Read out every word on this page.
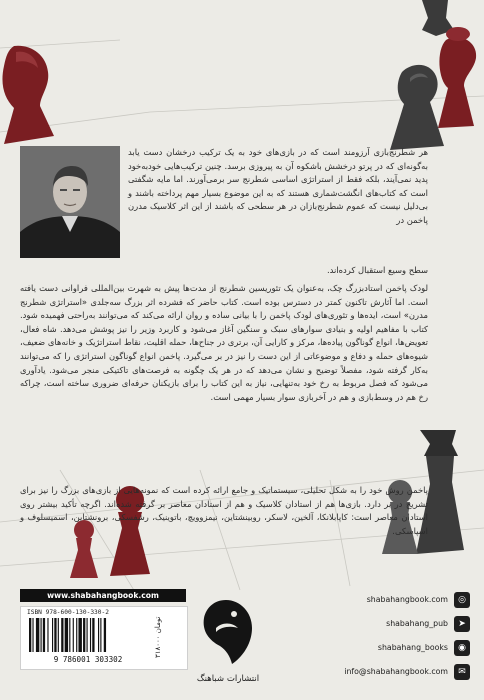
هر شطرنج‌بازی آرزومند است که در بازی‌های خود به یک ترکیب درخشان دست یابد به‌گونه‌ای که در پرتو درخشش باشکوه آن به پیروزی برسد. چنین ترکیب‌هایی خودبه‌خود پدید نمی‌آیند، بلکه فقط از استراتژی اساسی شطرنج سر برمی‌آورند. اما مایه شگفتی است که کتاب‌های انگشت‌شماری هستند که به این موضوع بسیار مهم پرداخته باشند و بی‌دلیل نیست که عموم شطرنج‌بازان در هر سطحی که باشند از این اثر کلاسیک مدرن پاخمن در

سطح وسیع استقبال کرده‌اند.

لودک پاخمن استادبزرگ چک، به‌عنوان یک تئوریسین شطرنج از مدت‌ها پیش به شهرت بین‌المللی فراوانی دست یافته است. اما آثارش تاکنون کمتر در دسترس بوده است. کتاب حاضر که فشرده اثر بزرگ سه‌جلدی «استراتژی شطرنج مدرن» است، ایده‌ها و تئوری‌های لودک پاخمن را با بیانی ساده و روان ارائه می‌کند که می‌توانند به‌راحتی فهمیده شود. کتاب با مفاهیم اولیه و بنیادی سوارهای سبک و سنگین آغاز می‌شود و کاربرد وزیر را نیز پوشش می‌دهد. شاه فعال، تعویض‌ها، انواع گوناگون پیاده‌ها، مرکز و کارایی آن، برتری در جناح‌ها، حمله اقلیت، نقاط استراتژیک و خانه‌های ضعیف، شیوه‌های حمله و دفاع و موضوعاتی از این دست را نیز در بر می‌گیرد. پاخمن انواع گوناگون استراتژی را که می‌توانند به‌کار گرفته شود، مفصلاً توضیح و نشان می‌دهد که در هر یک چگونه به فرصت‌های تاکتیکی منجر می‌شود. یادآوری می‌شود که فصل مربوط به رخ خود به‌تنهایی، نیاز به این کتاب را برای بازیکنان حرفه‌ای ضروری ساخته است، چراکه رخ هم در وسط‌بازی و هم در آخربازی سوار بسیار مهمی است.

پاخمن روش خود را به شکل تحلیلی، سیستماتیک و جامع ارائه کرده است که نمونه‌هایی از بازی‌های بزرگ را نیز برای تشریح در بر دارد. بازی‌ها هم از استادان کلاسیک و هم از استادان معاصر بر گرفته شده‌اند. اگرچه تأکید بیشتر روی استادان معاصر است: کاپابلانکا، آلخین، لاسکر، روبینشتاین، نیمزوویچ، باتوینیک، رشفسکی، برونشتاین، اسمیسلوف و اسپاسکی.

www.shabahangbook.com
ISBN 978-600-130-330-2
9 786001 303302
۳۱۸۰۰۰ تومان
انتشارات شباهنگ
◎
shabahangbook.com
➤
shabahang_pub
◉
shabahang_books
✉
info@shabahangbook.com
